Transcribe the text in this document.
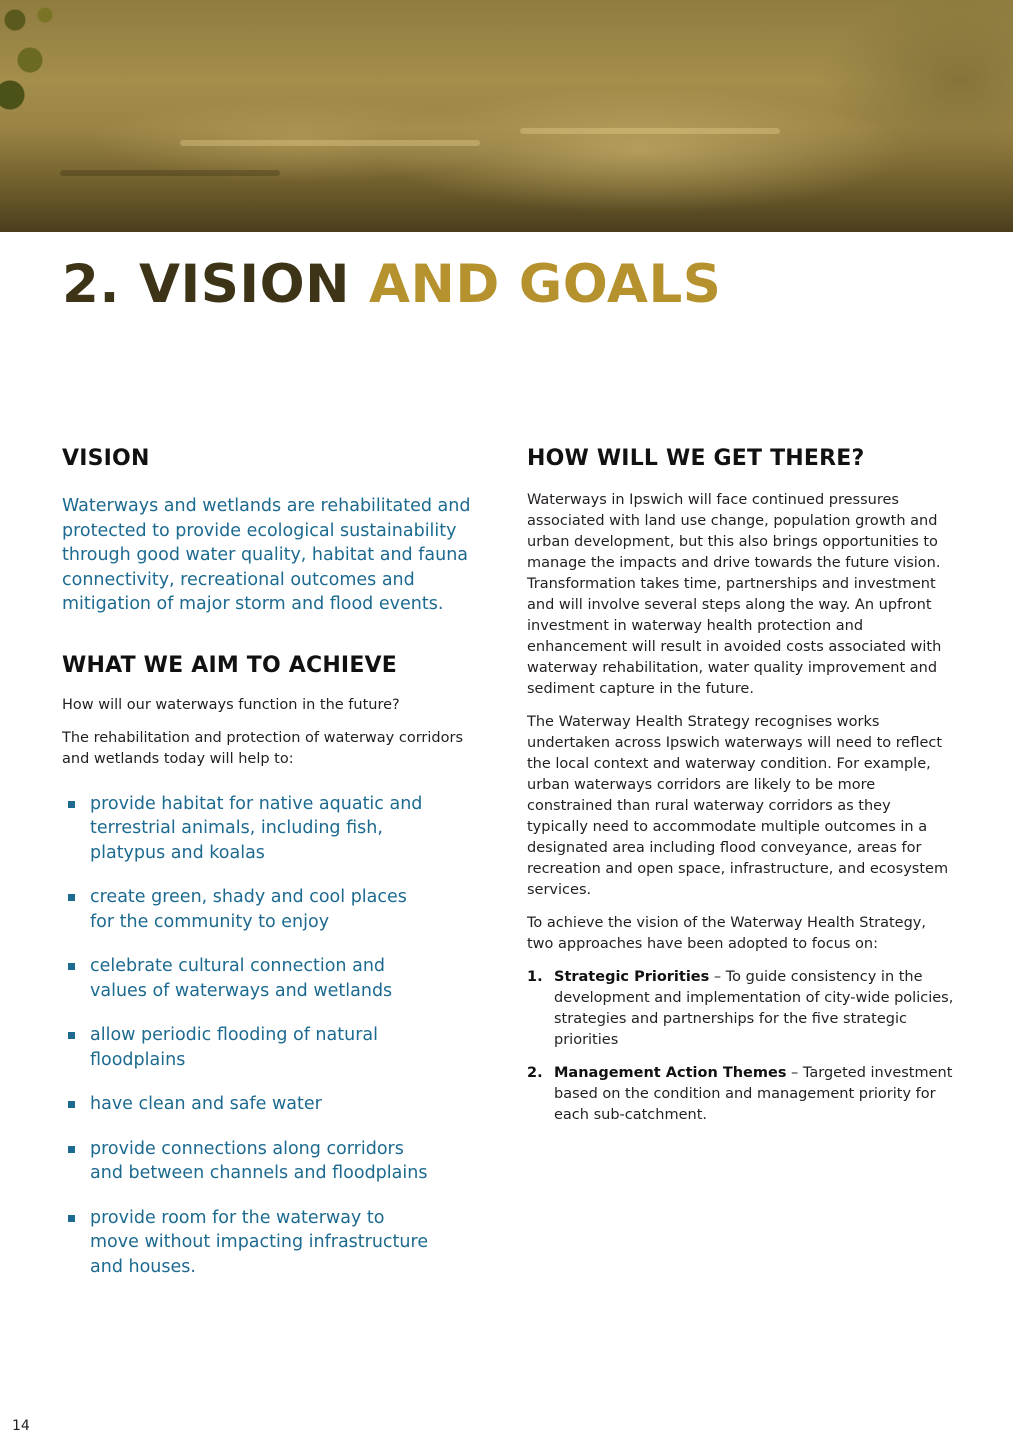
2. VISION AND GOALS
VISION

Waterways and wetlands are rehabilitated and protected to provide ecological sustainability through good water quality, habitat and fauna connectivity, recreational outcomes and mitigation of major storm and flood events.

WHAT WE AIM TO ACHIEVE

How will our waterways function in the future?

The rehabilitation and protection of waterway corridors and wetlands today will help to:

provide habitat for native aquatic and terrestrial animals, including fish, platypus and koalas
create green, shady and cool places for the community to enjoy
celebrate cultural connection and values of waterways and wetlands
allow periodic flooding of natural floodplains
have clean and safe water
provide connections along corridors and between channels and floodplains
provide room for the waterway to move without impacting infrastructure and houses.
HOW WILL WE GET THERE?

Waterways in Ipswich will face continued pressures associated with land use change, population growth and urban development, but this also brings opportunities to manage the impacts and drive towards the future vision. Transformation takes time, partnerships and investment and will involve several steps along the way. An upfront investment in waterway health protection and enhancement will result in avoided costs associated with waterway rehabilitation, water quality improvement and sediment capture in the future.

The Waterway Health Strategy recognises works undertaken across Ipswich waterways will need to reflect the local context and waterway condition. For example, urban waterways corridors are likely to be more constrained than rural waterway corridors as they typically need to accommodate multiple outcomes in a designated area including flood conveyance, areas for recreation and open space, infrastructure, and ecosystem services.

To achieve the vision of the Waterway Health Strategy, two approaches have been adopted to focus on:

1. Strategic Priorities – To guide consistency in the development and implementation of city-wide policies, strategies and partnerships for the five strategic priorities
2. Management Action Themes – Targeted investment based on the condition and management priority for each sub-catchment.
14
